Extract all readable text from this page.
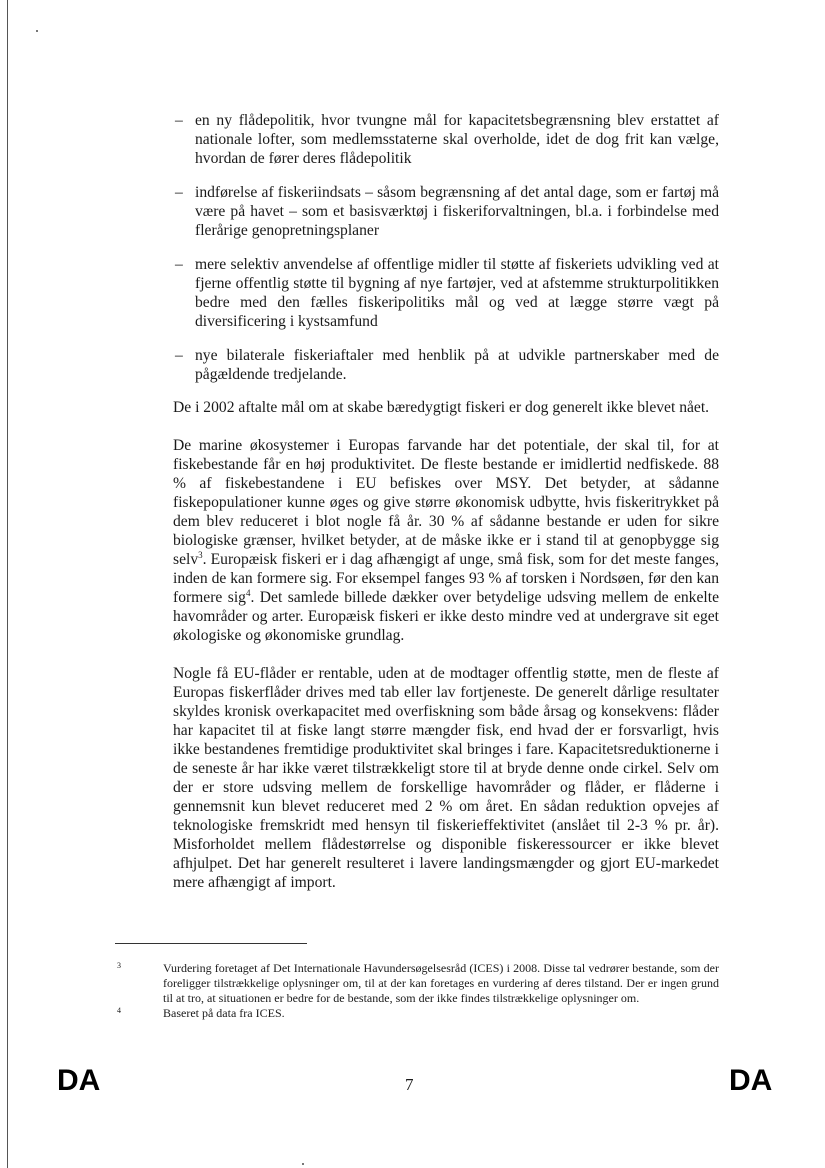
– en ny flådepolitik, hvor tvungne mål for kapacitetsbegrænsning blev erstattet af nationale lofter, som medlemsstaterne skal overholde, idet de dog frit kan vælge, hvordan de fører deres flådepolitik
– indførelse af fiskeriindsats – såsom begrænsning af det antal dage, som er fartøj må være på havet – som et basisværktøj i fiskeriforvaltningen, bl.a. i forbindelse med flerårige genopretningsplaner
– mere selektiv anvendelse af offentlige midler til støtte af fiskeriets udvikling ved at fjerne offentlig støtte til bygning af nye fartøjer, ved at afstemme strukturpolitikken bedre med den fælles fiskeripolitiks mål og ved at lægge større vægt på diversificering i kystsamfund
– nye bilaterale fiskeriaftaler med henblik på at udvikle partnerskaber med de pågældende tredjelande.

De i 2002 aftalte mål om at skabe bæredygtigt fiskeri er dog generelt ikke blevet nået.

De marine økosystemer i Europas farvande har det potentiale, der skal til, for at fiskebestande får en høj produktivitet. De fleste bestande er imidlertid nedfiskede. 88 % af fiskebestandene i EU befiskes over MSY. Det betyder, at sådanne fiskepopulationer kunne øges og give større økonomisk udbytte, hvis fiskeritrykket på dem blev reduceret i blot nogle få år. 30 % af sådanne bestande er uden for sikre biologiske grænser, hvilket betyder, at de måske ikke er i stand til at genopbygge sig selv$^3$. Europæisk fiskeri er i dag afhængigt af unge, små fisk, som for det meste fanges, inden de kan formere sig. For eksempel fanges 93 % af torsken i Nordsøen, før den kan formere sig$^4$. Det samlede billede dækker over betydelige udsving mellem de enkelte havområder og arter. Europæisk fiskeri er ikke desto mindre ved at undergrave sit eget økologiske og økonomiske grundlag.

Nogle få EU-flåder er rentable, uden at de modtager offentlig støtte, men de fleste af Europas fiskerflåder drives med tab eller lav fortjeneste. De generelt dårlige resultater skyldes kronisk overkapacitet med overfiskning som både årsag og konsekvens: flåder har kapacitet til at fiske langt større mængder fisk, end hvad der er forsvarligt, hvis ikke bestandenes fremtidige produktivitet skal bringes i fare. Kapacitetsreduktionerne i de seneste år har ikke været tilstrækkeligt store til at bryde denne onde cirkel. Selv om der er store udsving mellem de forskellige havområder og flåder, er flåderne i gennemsnit kun blevet reduceret med 2 % om året. En sådan reduktion opvejes af teknologiske fremskridt med hensyn til fiskerieffektivitet (anslået til 2-3 % pr. år). Misforholdet mellem flådestørrelse og disponible fiskeressourcer er ikke blevet afhjulpet. Det har generelt resulteret i lavere landingsmængder og gjort EU-markedet mere afhængigt af import.

3	Vurdering foretaget af Det Internationale Havundersøgelsesråd (ICES) i 2008. Disse tal vedrører bestande, som der foreligger tilstrækkelige oplysninger om, til at der kan foretages en vurdering af deres tilstand. Der er ingen grund til at tro, at situationen er bedre for de bestande, som der ikke findes tilstrækkelige oplysninger om.
4	Baseret på data fra ICES.
DA	7	DA
